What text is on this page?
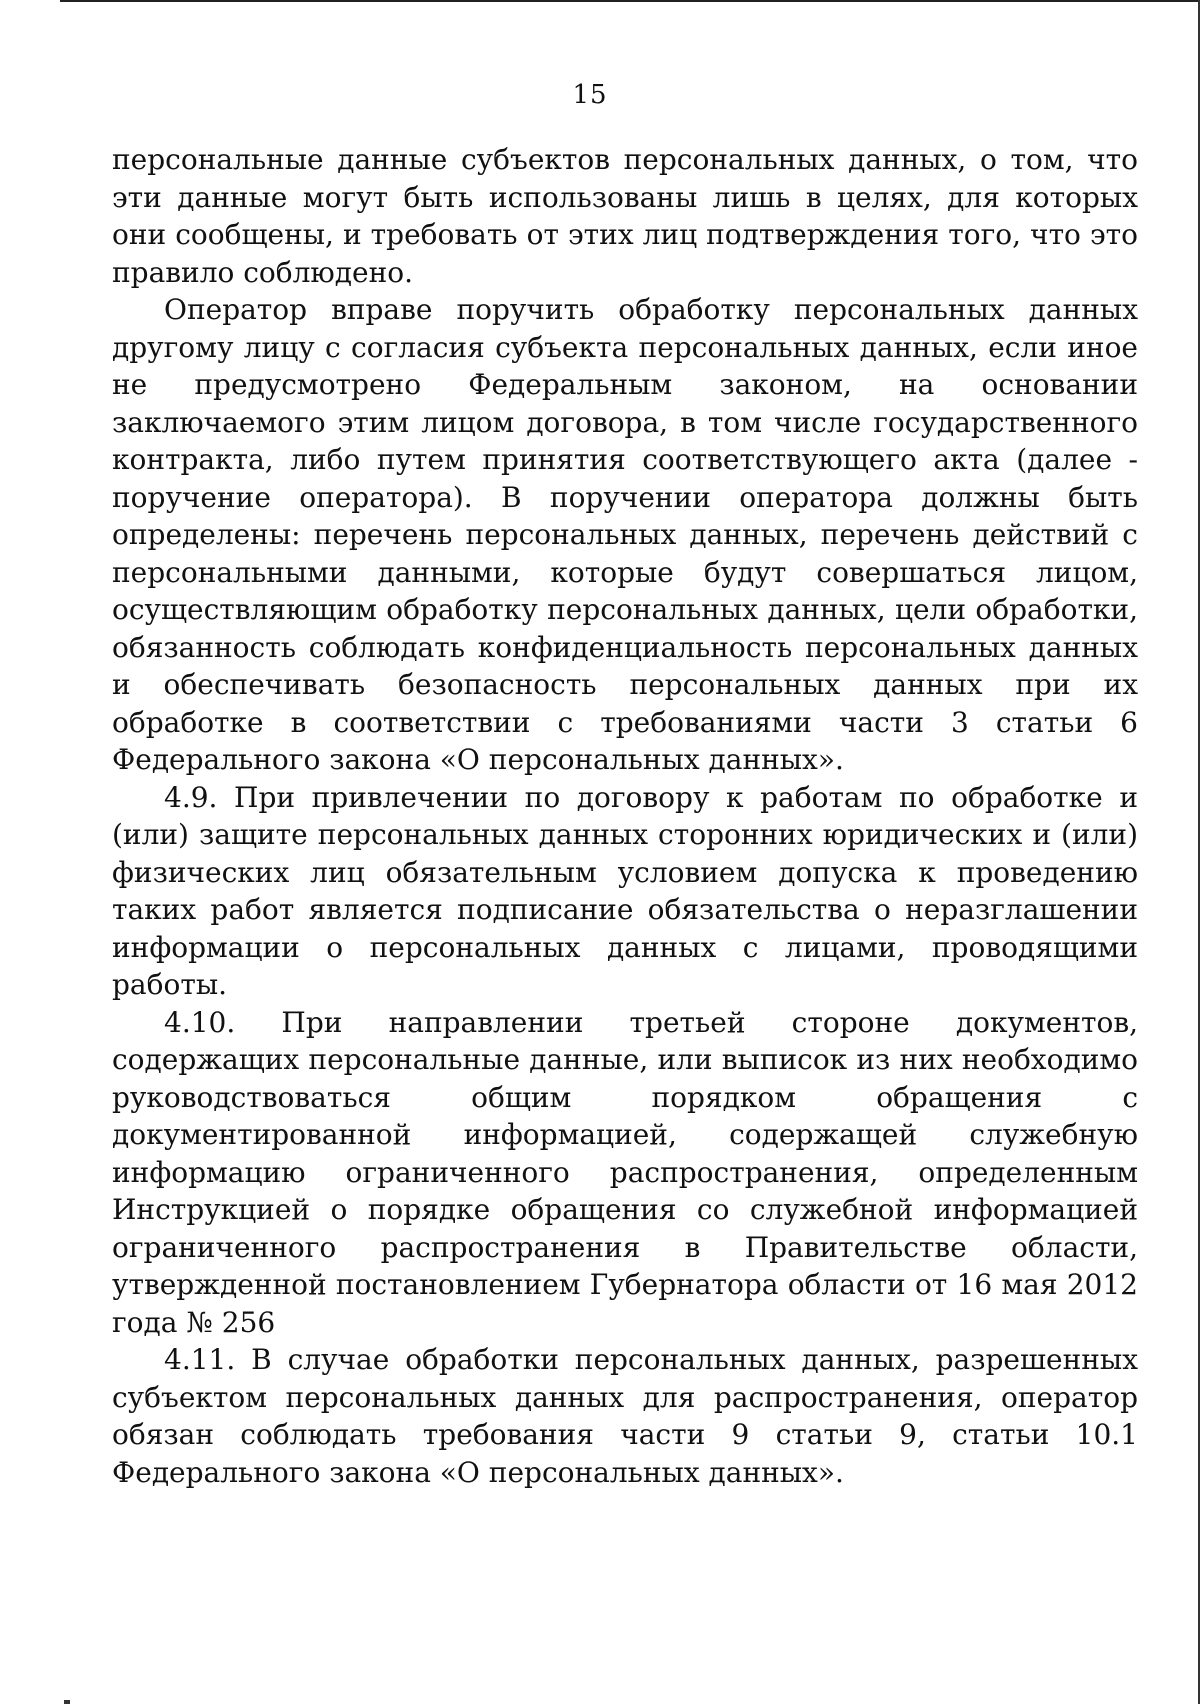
15

персональные данные субъектов персональных данных, о том, что эти данные могут быть использованы лишь в целях, для которых они сообщены, и требовать от этих лиц подтверждения того, что это правило соблюдено.

Оператор вправе поручить обработку персональных данных другому лицу с согласия субъекта персональных данных, если иное не предусмотрено Федеральным законом, на основании заключаемого этим лицом договора, в том числе государственного контракта, либо путем принятия соответствующего акта (далее - поручение оператора). В поручении оператора должны быть определены: перечень персональных данных, перечень действий с персональными данными, которые будут совершаться лицом, осуществляющим обработку персональных данных, цели обработки, обязанность соблюдать конфиденциальность персональных данных и обеспечивать безопасность персональных данных при их обработке в соответствии с требованиями части 3 статьи 6 Федерального закона «О персональных данных».

4.9. При привлечении по договору к работам по обработке и (или) защите персональных данных сторонних юридических и (или) физических лиц обязательным условием допуска к проведению таких работ является подписание обязательства о неразглашении информации о персональных данных с лицами, проводящими работы.

4.10. При направлении третьей стороне документов, содержащих персональные данные, или выписок из них необходимо руководствоваться общим порядком обращения с документированной информацией, содержащей служебную информацию ограниченного распространения, определенным Инструкцией о порядке обращения со служебной информацией ограниченного распространения в Правительстве области, утвержденной постановлением Губернатора области от 16 мая 2012 года № 256

4.11. В случае обработки персональных данных, разрешенных субъектом персональных данных для распространения, оператор обязан соблюдать требования части 9 статьи 9, статьи 10.1 Федерального закона «О персональных данных».
